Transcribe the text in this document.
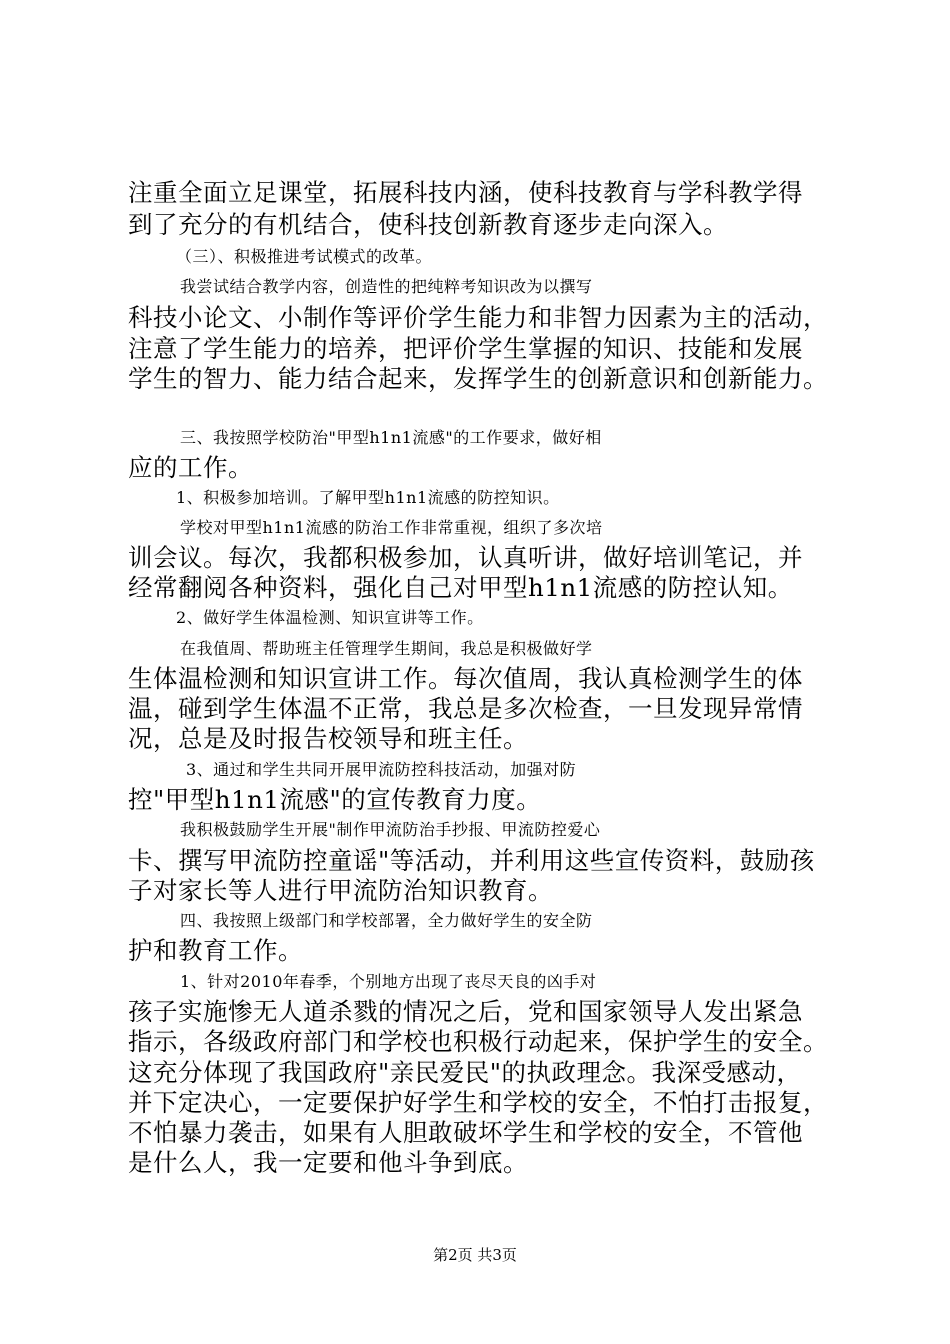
注重全面立足课堂，拓展科技内涵，使科技教育与学科教学得
到了充分的有机结合，使科技创新教育逐步走向深入。
（三）、积极推进考试模式的改革。
我尝试结合教学内容，创造性的把纯粹考知识改为以撰写
科技小论文、小制作等评价学生能力和非智力因素为主的活动，
注意了学生能力的培养，把评价学生掌握的知识、技能和发展
学生的智力、能力结合起来，发挥学生的创新意识和创新能力。
三、我按照学校防治"甲型h1n1流感"的工作要求，做好相
应的工作。
1、积极参加培训。了解甲型h1n1流感的防控知识。
学校对甲型h1n1流感的防治工作非常重视，组织了多次培
训会议。每次，我都积极参加，认真听讲，做好培训笔记，并
经常翻阅各种资料，强化自己对甲型h1n1流感的防控认知。
2、做好学生体温检测、知识宣讲等工作。
在我值周、帮助班主任管理学生期间，我总是积极做好学
生体温检测和知识宣讲工作。每次值周，我认真检测学生的体
温，碰到学生体温不正常，我总是多次检查，一旦发现异常情
况，总是及时报告校领导和班主任。
3、通过和学生共同开展甲流防控科技活动，加强对防
控"甲型h1n1流感"的宣传教育力度。
我积极鼓励学生开展"制作甲流防治手抄报、甲流防控爱心
卡、撰写甲流防控童谣"等活动，并利用这些宣传资料，鼓励孩
子对家长等人进行甲流防治知识教育。
四、我按照上级部门和学校部署，全力做好学生的安全防
护和教育工作。
1、针对2010年春季，个别地方出现了丧尽天良的凶手对
孩子实施惨无人道杀戮的情况之后，党和国家领导人发出紧急
指示，各级政府部门和学校也积极行动起来，保护学生的安全。
这充分体现了我国政府"亲民爱民"的执政理念。我深受感动，
并下定决心，一定要保护好学生和学校的安全，不怕打击报复，
不怕暴力袭击，如果有人胆敢破坏学生和学校的安全，不管他
是什么人，我一定要和他斗争到底。
第2页 共3页
